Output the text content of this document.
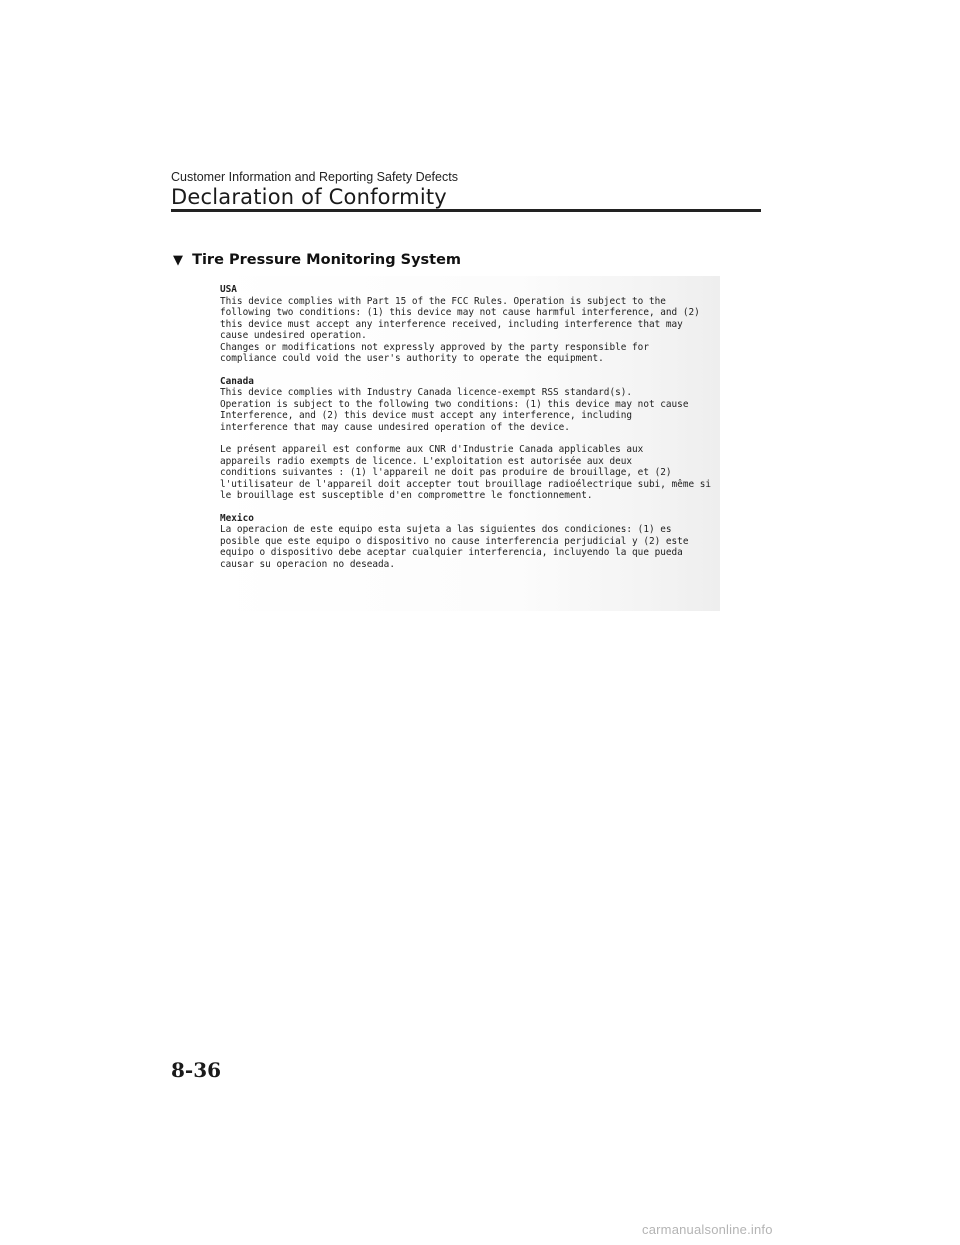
Customer Information and Reporting Safety Defects
Declaration of Conformity
▼ Tire Pressure Monitoring System
USA
This device complies with Part 15 of the FCC Rules. Operation is subject to the
following two conditions: (1) this device may not cause harmful interference, and (2)
this device must accept any interference received, including interference that may
cause undesired operation.
Changes or modifications not expressly approved by the party responsible for
compliance could void the user's authority to operate the equipment.
Canada
This device complies with Industry Canada licence-exempt RSS standard(s).
Operation is subject to the following two conditions: (1) this device may not cause
Interference, and (2) this device must accept any interference, including
interference that may cause undesired operation of the device.
Le présent appareil est conforme aux CNR d'Industrie Canada applicables aux
appareils radio exempts de licence. L'exploitation est autorisée aux deux
conditions suivantes : (1) l'appareil ne doit pas produire de brouillage, et (2)
l'utilisateur de l'appareil doit accepter tout brouillage radioélectrique subi, même si
le brouillage est susceptible d'en compromettre le fonctionnement.
Mexico
La operacion de este equipo esta sujeta a las siguientes dos condiciones: (1) es
posible que este equipo o dispositivo no cause interferencia perjudicial y (2) este
equipo o dispositivo debe aceptar cualquier interferencia, incluyendo la que pueda
causar su operacion no deseada.
8-36
carmanualsonline.info
